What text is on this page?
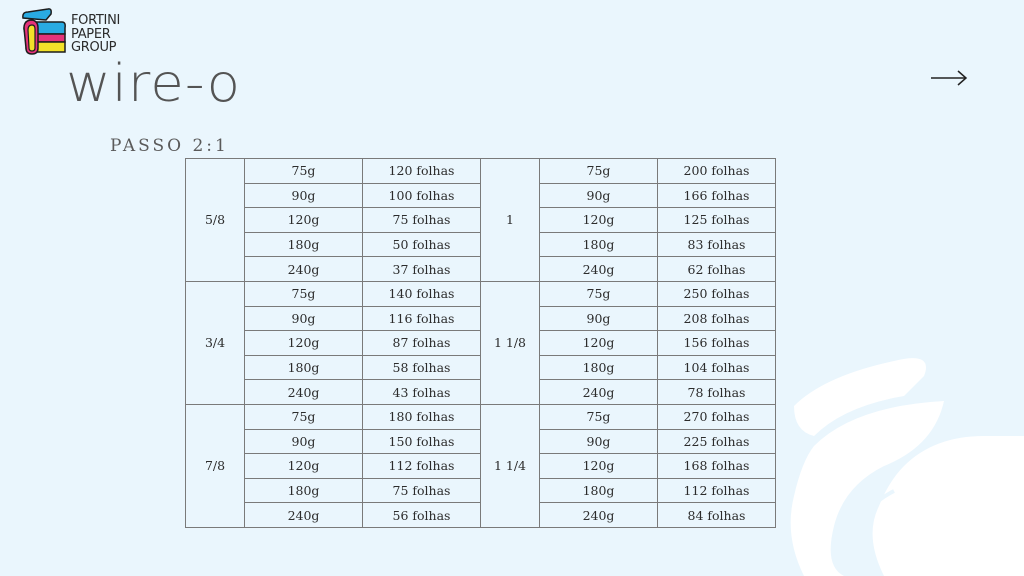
FORTINI
PAPER
GROUP
wire-o
PASSO 2:1
5/8	75g	120 folhas	1	75g	200 folhas
	90g	100 folhas		90g	166 folhas
	120g	75 folhas		120g	125 folhas
	180g	50 folhas		180g	83 folhas
	240g	37 folhas		240g	62 folhas
3/4	75g	140 folhas	1 1/8	75g	250 folhas
	90g	116 folhas		90g	208 folhas
	120g	87 folhas		120g	156 folhas
	180g	58 folhas		180g	104 folhas
	240g	43 folhas		240g	78 folhas
7/8	75g	180 folhas	1 1/4	75g	270 folhas
	90g	150 folhas		90g	225 folhas
	120g	112 folhas		120g	168 folhas
	180g	75 folhas		180g	112 folhas
	240g	56 folhas		240g	84 folhas
